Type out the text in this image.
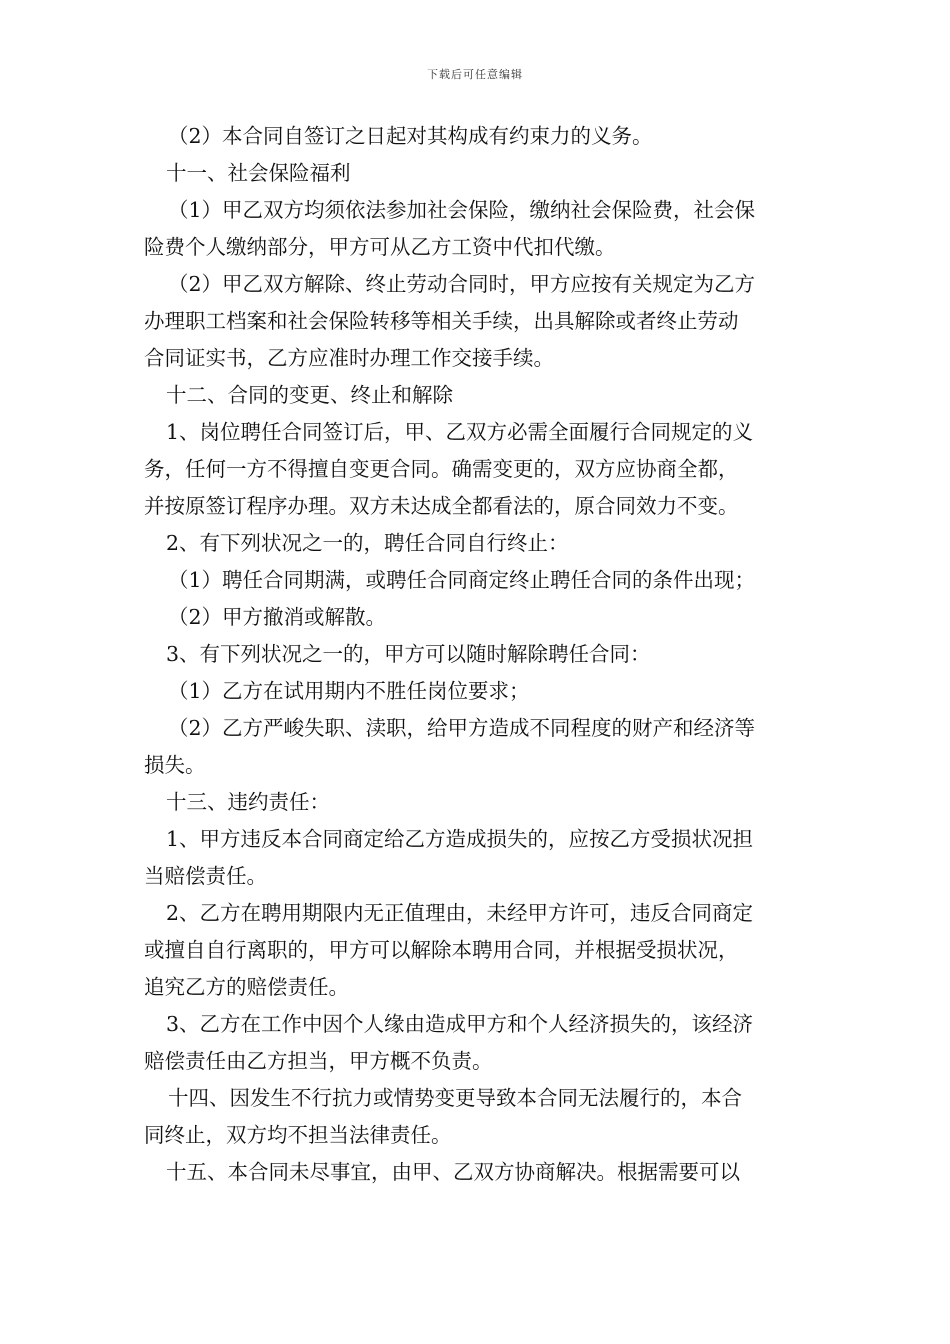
下载后可任意编辑
（2）本合同自签订之日起对其构成有约束力的义务。
十一、社会保险福利
（1）甲乙双方均须依法参加社会保险，缴纳社会保险费，社会保
险费个人缴纳部分，甲方可从乙方工资中代扣代缴。
（2）甲乙双方解除、终止劳动合同时，甲方应按有关规定为乙方
办理职工档案和社会保险转移等相关手续，出具解除或者终止劳动
合同证实书，乙方应准时办理工作交接手续。
十二、合同的变更、终止和解除
1、岗位聘任合同签订后，甲、乙双方必需全面履行合同规定的义
务，任何一方不得擅自变更合同。确需变更的，双方应协商全都，
并按原签订程序办理。双方未达成全都看法的，原合同效力不变。
2、有下列状况之一的，聘任合同自行终止：
（1）聘任合同期满，或聘任合同商定终止聘任合同的条件出现；
（2）甲方撤消或解散。
3、有下列状况之一的，甲方可以随时解除聘任合同：
（1）乙方在试用期内不胜任岗位要求；
（2）乙方严峻失职、渎职，给甲方造成不同程度的财产和经济等
损失。
十三、违约责任：
1、甲方违反本合同商定给乙方造成损失的，应按乙方受损状况担
当赔偿责任。
2、乙方在聘用期限内无正值理由，未经甲方许可，违反合同商定
或擅自自行离职的，甲方可以解除本聘用合同，并根据受损状况，
追究乙方的赔偿责任。
3、乙方在工作中因个人缘由造成甲方和个人经济损失的，该经济
赔偿责任由乙方担当，甲方概不负责。
十四、因发生不行抗力或情势变更导致本合同无法履行的，本合
同终止，双方均不担当法律责任。
十五、本合同未尽事宜，由甲、乙双方协商解决。根据需要可以
